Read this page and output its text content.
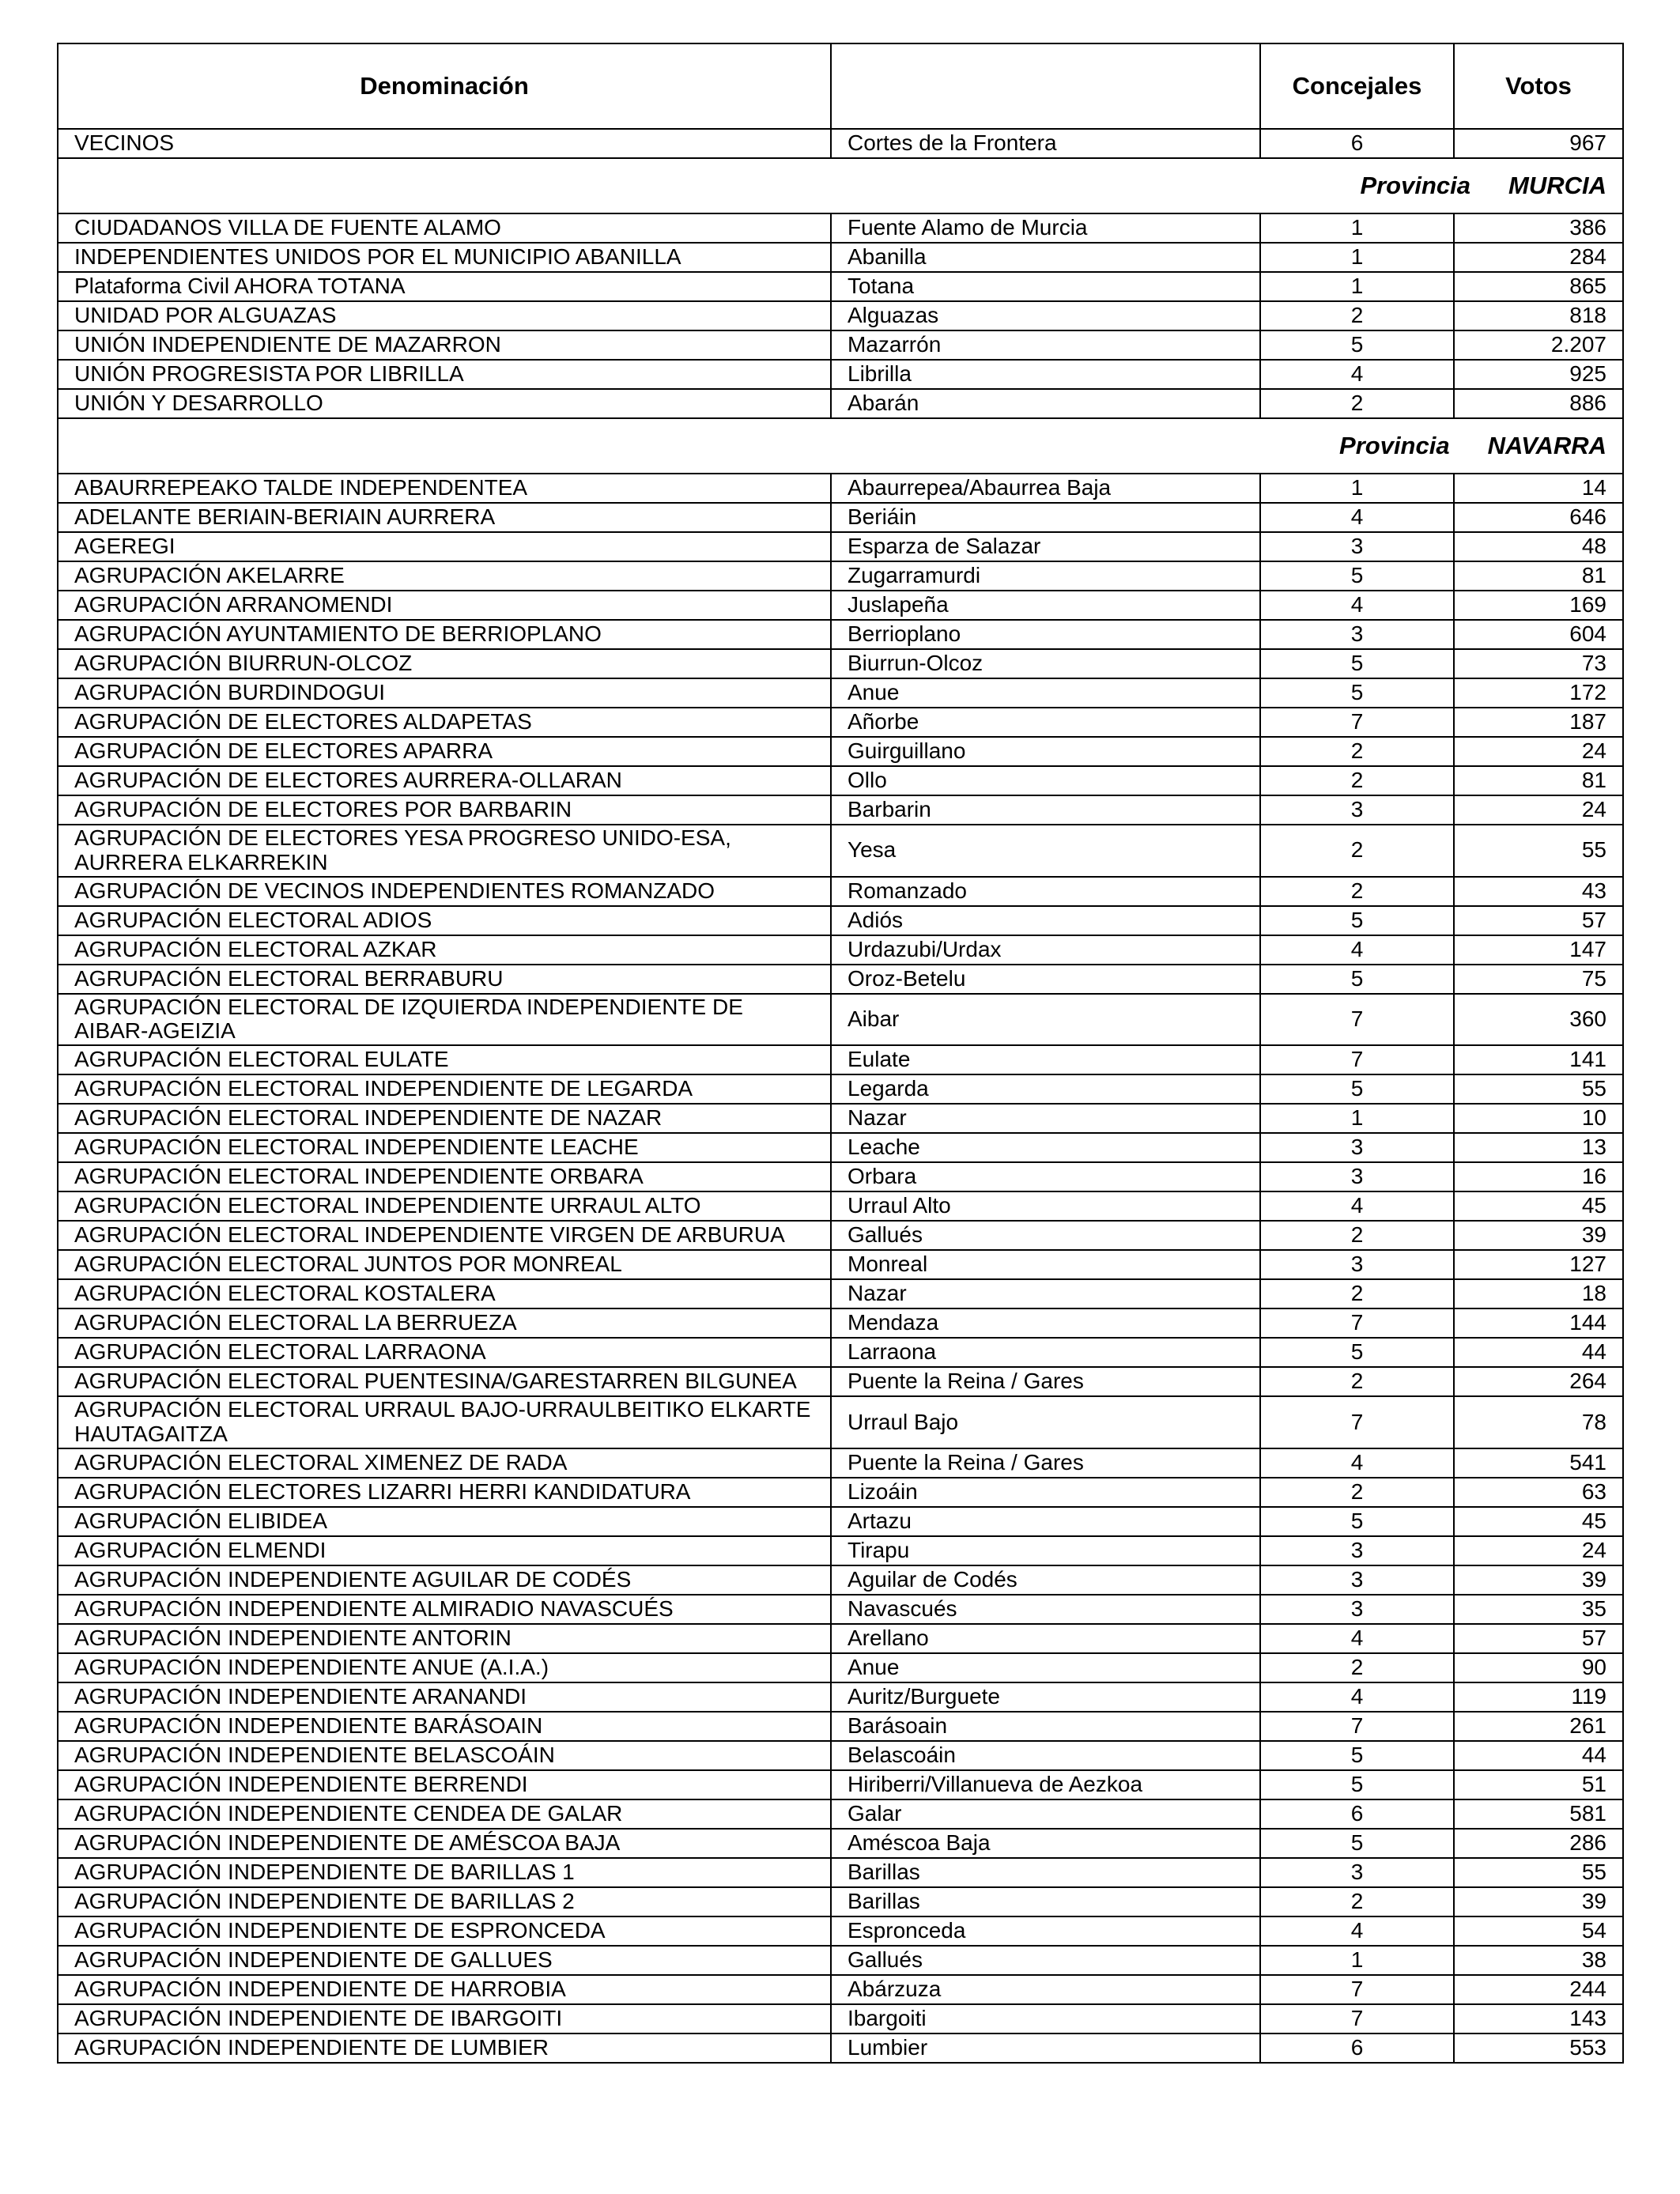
Denominación		Concejales	Votos
VECINOS	Cortes de la Frontera	6	967
Provincia MURCIA			
CIUDADANOS VILLA DE FUENTE ALAMO	Fuente Alamo de Murcia	1	386
INDEPENDIENTES UNIDOS POR EL MUNICIPIO ABANILLA	Abanilla	1	284
Plataforma Civil AHORA TOTANA	Totana	1	865
UNIDAD POR ALGUAZAS	Alguazas	2	818
UNIÓN INDEPENDIENTE DE MAZARRON	Mazarrón	5	2.207
UNIÓN PROGRESISTA POR LIBRILLA	Librilla	4	925
UNIÓN Y DESARROLLO	Abarán	2	886
Provincia NAVARRA			
ABAURREPEAKO TALDE INDEPENDENTEA	Abaurrepea/Abaurrea Baja	1	14
ADELANTE BERIAIN-BERIAIN AURRERA	Beriáin	4	646
AGEREGI	Esparza de Salazar	3	48
AGRUPACIÓN AKELARRE	Zugarramurdi	5	81
AGRUPACIÓN ARRANOMENDI	Juslapeña	4	169
AGRUPACIÓN AYUNTAMIENTO DE BERRIOPLANO	Berrioplano	3	604
AGRUPACIÓN BIURRUN-OLCOZ	Biurrun-Olcoz	5	73
AGRUPACIÓN BURDINDOGUI	Anue	5	172
AGRUPACIÓN DE ELECTORES ALDAPETAS	Añorbe	7	187
AGRUPACIÓN DE ELECTORES APARRA	Guirguillano	2	24
AGRUPACIÓN DE ELECTORES AURRERA-OLLARAN	Ollo	2	81
AGRUPACIÓN DE ELECTORES POR BARBARIN	Barbarin	3	24
AGRUPACIÓN DE ELECTORES YESA PROGRESO UNIDO-ESA, AURRERA ELKARREKIN	Yesa	2	55
AGRUPACIÓN DE VECINOS INDEPENDIENTES ROMANZADO	Romanzado	2	43
AGRUPACIÓN ELECTORAL ADIOS	Adiós	5	57
AGRUPACIÓN ELECTORAL AZKAR	Urdazubi/Urdax	4	147
AGRUPACIÓN ELECTORAL BERRABURU	Oroz-Betelu	5	75
AGRUPACIÓN ELECTORAL DE IZQUIERDA INDEPENDIENTE DE AIBAR-AGEIZIA	Aibar	7	360
AGRUPACIÓN ELECTORAL EULATE	Eulate	7	141
AGRUPACIÓN ELECTORAL INDEPENDIENTE DE LEGARDA	Legarda	5	55
AGRUPACIÓN ELECTORAL INDEPENDIENTE DE NAZAR	Nazar	1	10
AGRUPACIÓN ELECTORAL INDEPENDIENTE LEACHE	Leache	3	13
AGRUPACIÓN ELECTORAL INDEPENDIENTE ORBARA	Orbara	3	16
AGRUPACIÓN ELECTORAL INDEPENDIENTE URRAUL ALTO	Urraul Alto	4	45
AGRUPACIÓN ELECTORAL INDEPENDIENTE VIRGEN DE ARBURUA	Gallués	2	39
AGRUPACIÓN ELECTORAL JUNTOS POR MONREAL	Monreal	3	127
AGRUPACIÓN ELECTORAL KOSTALERA	Nazar	2	18
AGRUPACIÓN ELECTORAL LA BERRUEZA	Mendaza	7	144
AGRUPACIÓN ELECTORAL LARRAONA	Larraona	5	44
AGRUPACIÓN ELECTORAL PUENTESINA/GARESTARREN BILGUNEA	Puente la Reina / Gares	2	264
AGRUPACIÓN ELECTORAL URRAUL BAJO-URRAULBEITIKO ELKARTE HAUTAGAITZA	Urraul Bajo	7	78
AGRUPACIÓN ELECTORAL XIMENEZ DE RADA	Puente la Reina / Gares	4	541
AGRUPACIÓN ELECTORES LIZARRI HERRI KANDIDATURA	Lizoáin	2	63
AGRUPACIÓN ELIBIDEA	Artazu	5	45
AGRUPACIÓN ELMENDI	Tirapu	3	24
AGRUPACIÓN INDEPENDIENTE AGUILAR DE CODÉS	Aguilar de Codés	3	39
AGRUPACIÓN INDEPENDIENTE ALMIRADIO NAVASCUÉS	Navascués	3	35
AGRUPACIÓN INDEPENDIENTE ANTORIN	Arellano	4	57
AGRUPACIÓN INDEPENDIENTE ANUE (A.I.A.)	Anue	2	90
AGRUPACIÓN INDEPENDIENTE ARANANDI	Auritz/Burguete	4	119
AGRUPACIÓN INDEPENDIENTE BARÁSOAIN	Barásoain	7	261
AGRUPACIÓN INDEPENDIENTE BELASCOÁIN	Belascoáin	5	44
AGRUPACIÓN INDEPENDIENTE BERRENDI	Hiriberri/Villanueva de Aezkoa	5	51
AGRUPACIÓN INDEPENDIENTE CENDEA DE GALAR	Galar	6	581
AGRUPACIÓN INDEPENDIENTE DE AMÉSCOA BAJA	Améscoa Baja	5	286
AGRUPACIÓN INDEPENDIENTE DE BARILLAS 1	Barillas	3	55
AGRUPACIÓN INDEPENDIENTE DE BARILLAS 2	Barillas	2	39
AGRUPACIÓN INDEPENDIENTE DE ESPRONCEDA	Espronceda	4	54
AGRUPACIÓN INDEPENDIENTE DE GALLUES	Gallués	1	38
AGRUPACIÓN INDEPENDIENTE DE HARROBIA	Abárzuza	7	244
AGRUPACIÓN INDEPENDIENTE DE IBARGOITI	Ibargoiti	7	143
AGRUPACIÓN INDEPENDIENTE DE LUMBIER	Lumbier	6	553
